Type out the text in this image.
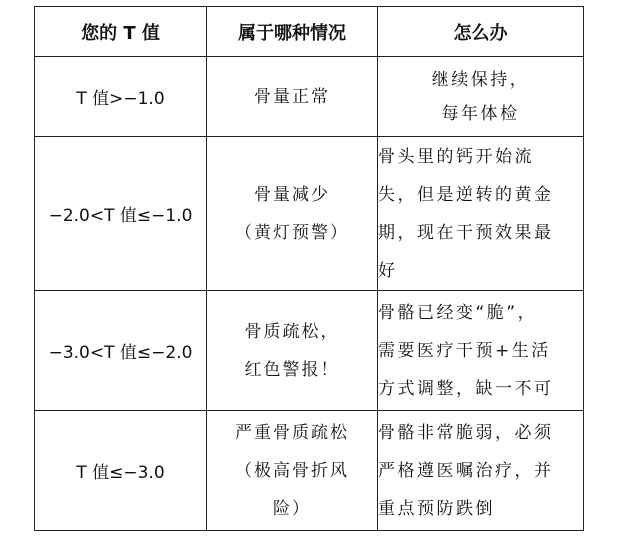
您的 T 值	属于哪种情况	怎么办
T 值>−1.0	骨量正常	继续保持，
每年体检

−2.0<T 值≤−1.0	骨量减少
（黄灯预警）	骨头里的钙开始流
失，但是逆转的黄金
期，现在干预效果最
好

−3.0<T 值≤−2.0	骨质疏松，
红色警报！	骨骼已经变“脆”，
需要医疗干预+生活
方式调整，缺一不可

T 值≤−3.0	严重骨质疏松
（极高骨折风
险）	骨骼非常脆弱，必须
严格遵医嘱治疗，并
重点预防跌倒
